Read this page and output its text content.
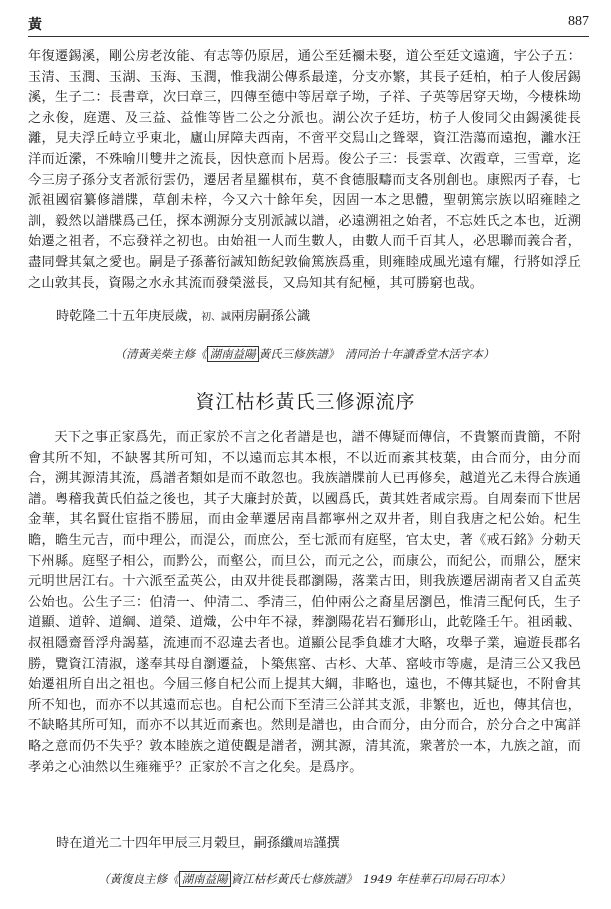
黃	887
年復遷錫溪，剛公房老汝能、有志等仍原居，通公至廷禰未娶，道公至廷文遠適，宇公子五：玉清、玉潤、玉湖、玉海、玉潤，惟我湖公傳系最達，分支亦繁，其長子廷柏，柏子人俊居錫溪，生子二：長書章，次曰章三，四傳至德中等居章子坳，子祥、子英等居穿天坳，今棲株坳之永俊，庭選、及三益、益惟等皆二公之分派也。湖公次子廷坊，枋子人俊同父由錫溪徙長灕，見夫浮丘峙立乎東北，廬山屏障夫西南，不啻平交舃山之聳翠，資江浩蕩而遠抱，灕水汪洋而近瀠，不殊喻川雙井之流長，因快意而卜居焉。俊公子三：長雲章、次霞章，三雪章，迄今三房子孫分支者派衍雲仍，遷居者星羅棋布，莫不食德服疇而支各別創也。康熙丙子春，七派祖國宿纂修譜牒，草創未梓，今又六十餘年矣，因固一本之思體，聖朝篤宗族以昭雍睦之訓，毅然以譜牒爲己任，探本溯源分支別派誠以譜，必遠溯祖之始者，不忘姓氏之本也，近溯始遷之祖者，不忘發祥之初也。由始祖一人而生數人，由數人而千百其人，必思聯而義合者，盡同聲其氣之愛也。嗣是子孫蕃衍誠知飭紀敦倫篤族爲重，則雍睦成風光遠有耀，行將如浮丘之山敦其長，資陽之水永其流而發榮滋長，又烏知其有紀極，其可勝窮也哉。
時乾隆二十五年庚辰歲，初、誠兩房嗣孫公識
（清黃美柴主修《 湖南益陽 黃氏三修族譜》　清同治十年讀香堂木活字本）
資江枯杉黃氏三修源流序
天下之事正家爲先，而正家於不言之化者譜是也，譜不傳疑而傳信，不貴繁而貴簡，不附會其所不知，不缺畧其所可知，不以遠而忘其本根，不以近而紊其枝葉，由合而分，由分而合，溯其源清其流，爲譜者類如是而不敢忽也。我族譜牒前人已再修矣，越道光乙未得合族通譜。粵稽我黃氏伯益之後也，其子大廉封於黃，以國爲氏，黃其姓者咸宗焉。自周秦而下世居金華，其名賢仕宦指不勝屈，而由金華遷居南昌都寧州之双井者，則自我唐之杞公始。杞生瞻，瞻生元吉，而中理公，而湜公，而庶公，至七派而有庭堅，官太史，著《戒石銘》分勅天下州縣。庭堅子相公，而黔公，而壑公，而旦公，而元之公，而康公，而紀公，而鼎公，歷宋元明世居江右。十六派至孟英公，由双井徙長郡瀏陽，落業古田，則我族遷居湖南者又自孟英公始也。公生子三：伯清一、仲清二、季清三，伯仲兩公之裔星居瀏邑，惟清三配何氏，生子道顯、道幹、道綱、道榮、道熾，公中年不禄，葬瀏陽花岩石獅形山，此乾隆壬午。祖函載、叔祖隱齋晉浮舟謁墓，流連而不忍違去者也。道顯公昆季負雄才大略，攻舉子業，遍遊長郡名勝，覽資江清淑，遂奉其母自瀏遷益，卜築焦窰、古杉、大革、窰岐市等處，是清三公又我邑始遷祖所自出之祖也。今屆三修自杞公而上提其大綱，非略也，遠也，不傳其疑也，不附會其所不知也，而亦不以其遠而忘也。自杞公而下至清三公詳其支派，非繁也，近也，傳其信也，不缺略其所可知，而亦不以其近而紊也。然則是譜也，由合而分，由分而合，於分合之中寓詳略之意而仍不失乎？敦本睦族之道使觀是譜者，溯其源，清其流，衆著於一本，九族之誼，而孝弟之心油然以生雍雍乎？正家於不言之化矣。是爲序。
時在道光二十四年甲辰三月榖旦，嗣孫纖周培謹撰
（黃復良主修《 湖南益陽 資江枯杉黃氏七修族譜》　1949 年桂華石印局石印本）
